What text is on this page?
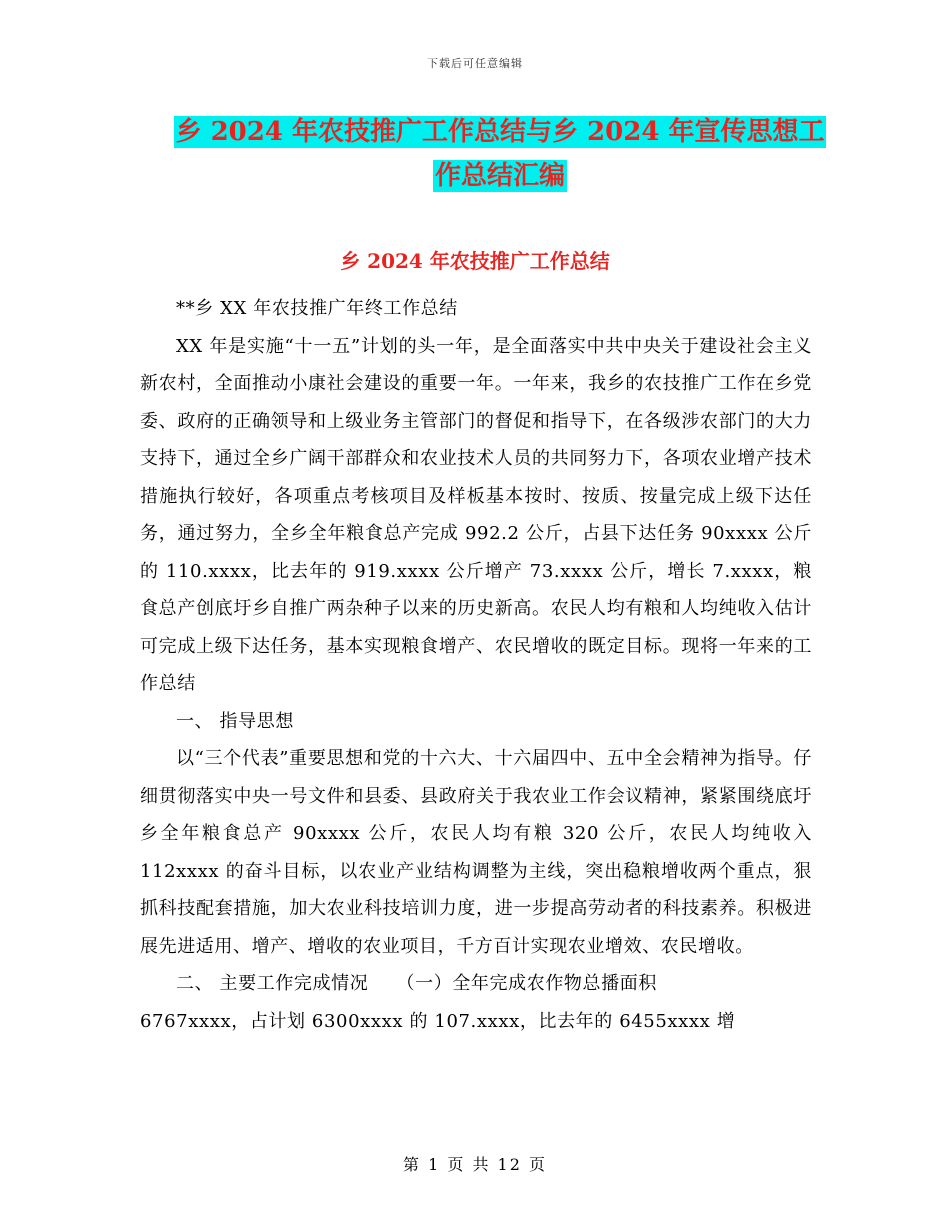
下载后可任意编辑
乡 2024 年农技推广工作总结与乡 2024 年宣传思想工
作总结汇编
乡 2024 年农技推广工作总结

**乡 XX 年农技推广年终工作总结

XX 年是实施“十一五”计划的头一年，是全面落实中共中央关于建设社会主义新农村，全面推动小康社会建设的重要一年。一年来，我乡的农技推广工作在乡党委、政府的正确领导和上级业务主管部门的督促和指导下，在各级涉农部门的大力支持下，通过全乡广阔干部群众和农业技术人员的共同努力下，各项农业增产技术措施执行较好，各项重点考核项目及样板基本按时、按质、按量完成上级下达任务，通过努力，全乡全年粮食总产完成 992.2 公斤，占县下达任务 90xxxx 公斤的 110.xxxx，比去年的 919.xxxx 公斤增产 73.xxxx 公斤，增长 7.xxxx，粮食总产创底圩乡自推广两杂种子以来的历史新高。农民人均有粮和人均纯收入估计可完成上级下达任务，基本实现粮食增产、农民增收的既定目标。现将一年来的工作总结

一、 指导思想

以“三个代表”重要思想和党的十六大、十六届四中、五中全会精神为指导。仔细贯彻落实中央一号文件和县委、县政府关于我农业工作会议精神，紧紧围绕底圩乡全年粮食总产 90xxxx 公斤，农民人均有粮 320 公斤，农民人均纯收入 112xxxx 的奋斗目标，以农业产业结构调整为主线，突出稳粮增收两个重点，狠抓科技配套措施，加大农业科技培训力度，进一步提高劳动者的科技素养。积极进展先进适用、增产、增收的农业项目，千方百计实现农业增效、农民增收。

二、 主要工作完成情况　　（一）全年完成农作物总播面积

6767xxxx，占计划 6300xxxx 的 107.xxxx，比去年的 6455xxxx 增

第 1 页 共 12 页
